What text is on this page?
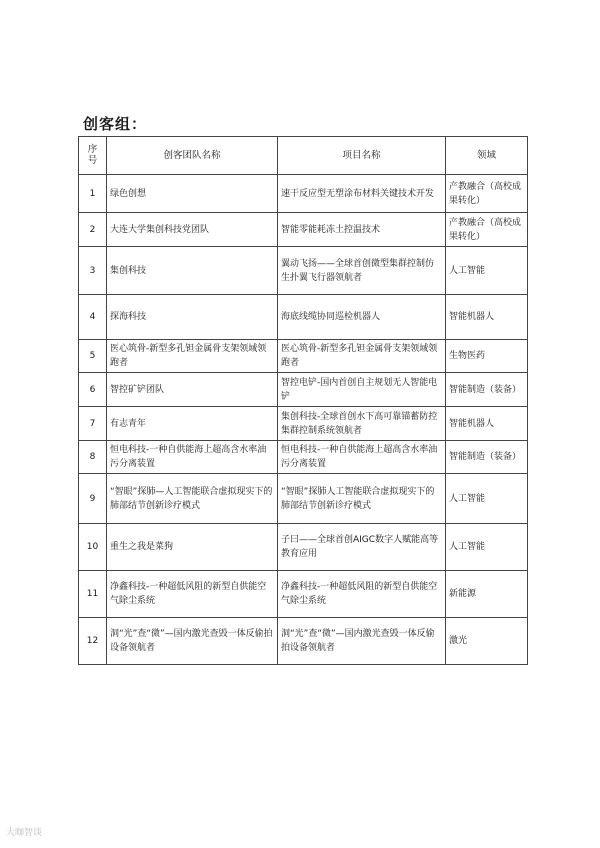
创客组：
序号	创客团队名称	项目名称	领域
1	绿色创想	速干反应型无塑涂布材料关键技术开发	产教融合（高校成果转化）
2	大连大学集创科技党团队	智能零能耗冻土控温技术	产教融合（高校成果转化）
3	集创科技	翼动飞扬——全球首创微型集群控制仿生扑翼飞行器领航者	人工智能
4	探海科技	海底线缆协同巡检机器人	智能机器人
5	医心筑骨-新型多孔钽金属骨支架领域领跑者	医心筑骨-新型多孔钽金属骨支架领域领跑者	生物医药
6	智控矿铲团队	智控电铲-国内首创自主规划无人智能电铲	智能制造（装备）
7	有志青年	集创科技-全球首创水下高可靠锚蓄防控集群控制系统领航者	智能机器人
8	恒电科技-一种自供能海上超高含水率油污分离装置	恒电科技-一种自供能海上超高含水率油污分离装置	智能制造（装备）
9	“智眼”探肺—人工智能联合虚拟现实下的肺部结节创新诊疗模式	“智眼”探肺人工智能联合虚拟现实下的肺部结节创新诊疗模式	人工智能
10	重生之我是菜狗	子曰——全球首创AIGC数字人赋能高等教育应用	人工智能
11	净鑫科技-一种超低风阻的新型自供能空气除尘系统	净鑫科技-一种超低风阻的新型自供能空气除尘系统	新能源
12	洞“光”查“微”—国内激光查毁一体反偷拍设备领航者	洞“光”查“微”—国内激光查毁一体反偷拍设备领航者	激光
大咖智谈
